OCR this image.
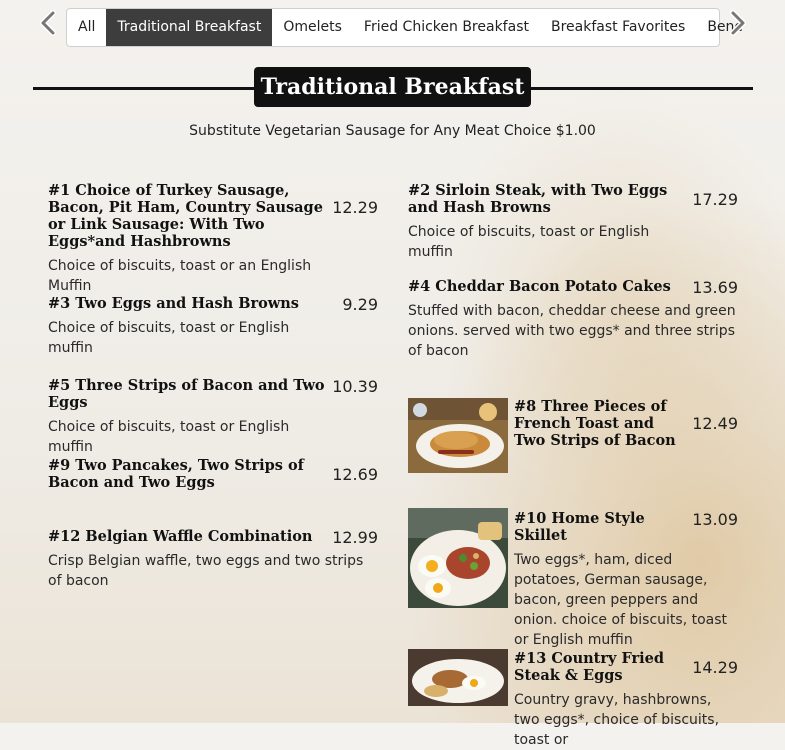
All	Traditional Breakfast	Omelets	Fried Chicken Breakfast	Breakfast Favorites	Bene
Traditional Breakfast
Substitute Vegetarian Sausage for Any Meat Choice $1.00
#1 Choice of Turkey Sausage, Bacon, Pit Ham, Country Sausage or Link Sausage: With Two Eggs*and Hashbrowns
Choice of biscuits, toast or an English Muffin
12.29
#3 Two Eggs and Hash Browns
Choice of biscuits, toast or English muffin
9.29
#5 Three Strips of Bacon and Two Eggs
Choice of biscuits, toast or English muffin
10.39
#9 Two Pancakes, Two Strips of Bacon and Two Eggs	12.69
#12 Belgian Waffle Combination
Crisp Belgian waffle, two eggs and two strips of bacon
12.99
#2 Sirloin Steak, with Two Eggs and Hash Browns
Choice of biscuits, toast or English muffin
17.29
#4 Cheddar Bacon Potato Cakes
Stuffed with bacon, cheddar cheese and green onions. served with two eggs* and three strips of bacon
13.69
#8 Three Pieces of French Toast and Two Strips of Bacon
12.49
#10 Home Style Skillet
Two eggs*, ham, diced potatoes, German sausage, bacon, green peppers and onion. choice of biscuits, toast or English muffin
13.09
#13 Country Fried Steak & Eggs
Country gravy, hashbrowns, two eggs*, choice of biscuits, toast or
14.29
